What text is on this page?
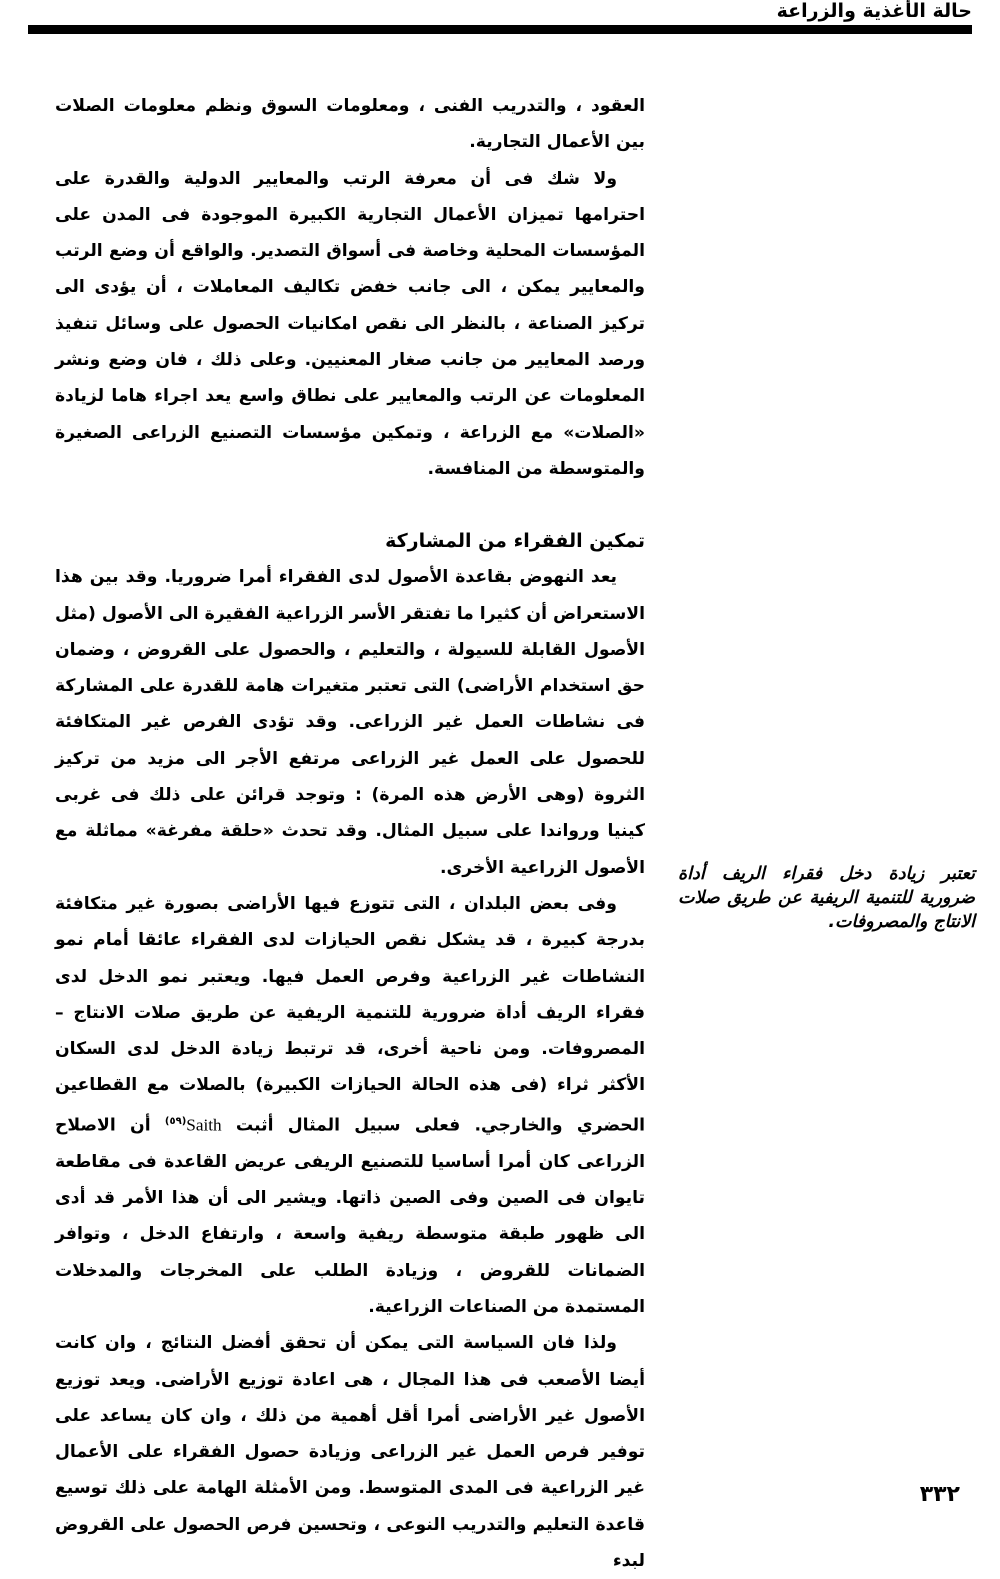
حالة الأغذية والزراعة

العقود ، والتدريب الفنى ، ومعلومات السوق ونظم معلومات الصلات بين الأعمال التجارية.

ولا شك فى أن معرفة الرتب والمعايير الدولية والقدرة على احترامها تميزان الأعمال التجارية الكبيرة الموجودة فى المدن على المؤسسات المحلية وخاصة فى أسواق التصدير. والواقع أن وضع الرتب والمعايير يمكن ، الى جانب خفض تكاليف المعاملات ، أن يؤدى الى تركيز الصناعة ، بالنظر الى نقص امكانيات الحصول على وسائل تنفيذ ورصد المعايير من جانب صغار المعنيين. وعلى ذلك ، فان وضع ونشر المعلومات عن الرتب والمعايير على نطاق واسع يعد اجراء هاما لزيادة «الصلات» مع الزراعة ، وتمكين مؤسسات التصنيع الزراعى الصغيرة والمتوسطة من المنافسة.

تمكين الفقراء من المشاركة

يعد النهوض بقاعدة الأصول لدى الفقراء أمرا ضروريا. وقد بين هذا الاستعراض أن كثيرا ما تفتقر الأسر الزراعية الفقيرة الى الأصول (مثل الأصول القابلة للسيولة ، والتعليم ، والحصول على القروض ، وضمان حق استخدام الأراضى) التى تعتبر متغيرات هامة للقدرة على المشاركة فى نشاطات العمل غير الزراعى. وقد تؤدى الفرص غير المتكافئة للحصول على العمل غير الزراعى مرتفع الأجر الى مزيد من تركيز الثروة (وهى الأرض هذه المرة) : وتوجد قرائن على ذلك فى غربى كينيا ورواندا على سبيل المثال. وقد تحدث «حلقة مفرغة» مماثلة مع الأصول الزراعية الأخرى.

وفى بعض البلدان ، التى تتوزع فيها الأراضى بصورة غير متكافئة بدرجة كبيرة ، قد يشكل نقص الحيازات لدى الفقراء عائقا أمام نمو النشاطات غير الزراعية وفرص العمل فيها. ويعتبر نمو الدخل لدى فقراء الريف أداة ضرورية للتنمية الريفية عن طريق صلات الانتاج – المصروفات. ومن ناحية أخرى، قد ترتبط زيادة الدخل لدى السكان الأكثر ثراء (فى هذه الحالة الحيازات الكبيرة) بالصلات مع القطاعين الحضري والخارجي. فعلى سبيل المثال أثبت Saith$^{(٥٩)}$ أن الاصلاح الزراعى كان أمرا أساسيا للتصنيع الريفى عريض القاعدة فى مقاطعة تايوان فى الصين وفى الصين ذاتها. ويشير الى أن هذا الأمر قد أدى الى ظهور طبقة متوسطة ريفية واسعة ، وارتفاع الدخل ، وتوافر الضمانات للقروض ، وزيادة الطلب على المخرجات والمدخلات المستمدة من الصناعات الزراعية.

ولذا فان السياسة التى يمكن أن تحقق أفضل النتائج ، وان كانت أيضا الأصعب فى هذا المجال ، هى اعادة توزيع الأراضى. ويعد توزيع الأصول غير الأراضى أمرا أقل أهمية من ذلك ، وان كان يساعد على توفير فرص العمل غير الزراعى وزيادة حصول الفقراء على الأعمال غير الزراعية فى المدى المتوسط. ومن الأمثلة الهامة على ذلك توسيع قاعدة التعليم والتدريب النوعى ، وتحسين فرص الحصول على القروض لبدء

تعتبر زيادة دخل فقراء الريف أداة ضرورية للتنمية الريفية عن طريق صلات الانتاج والمصروفات.
٣٣٢
